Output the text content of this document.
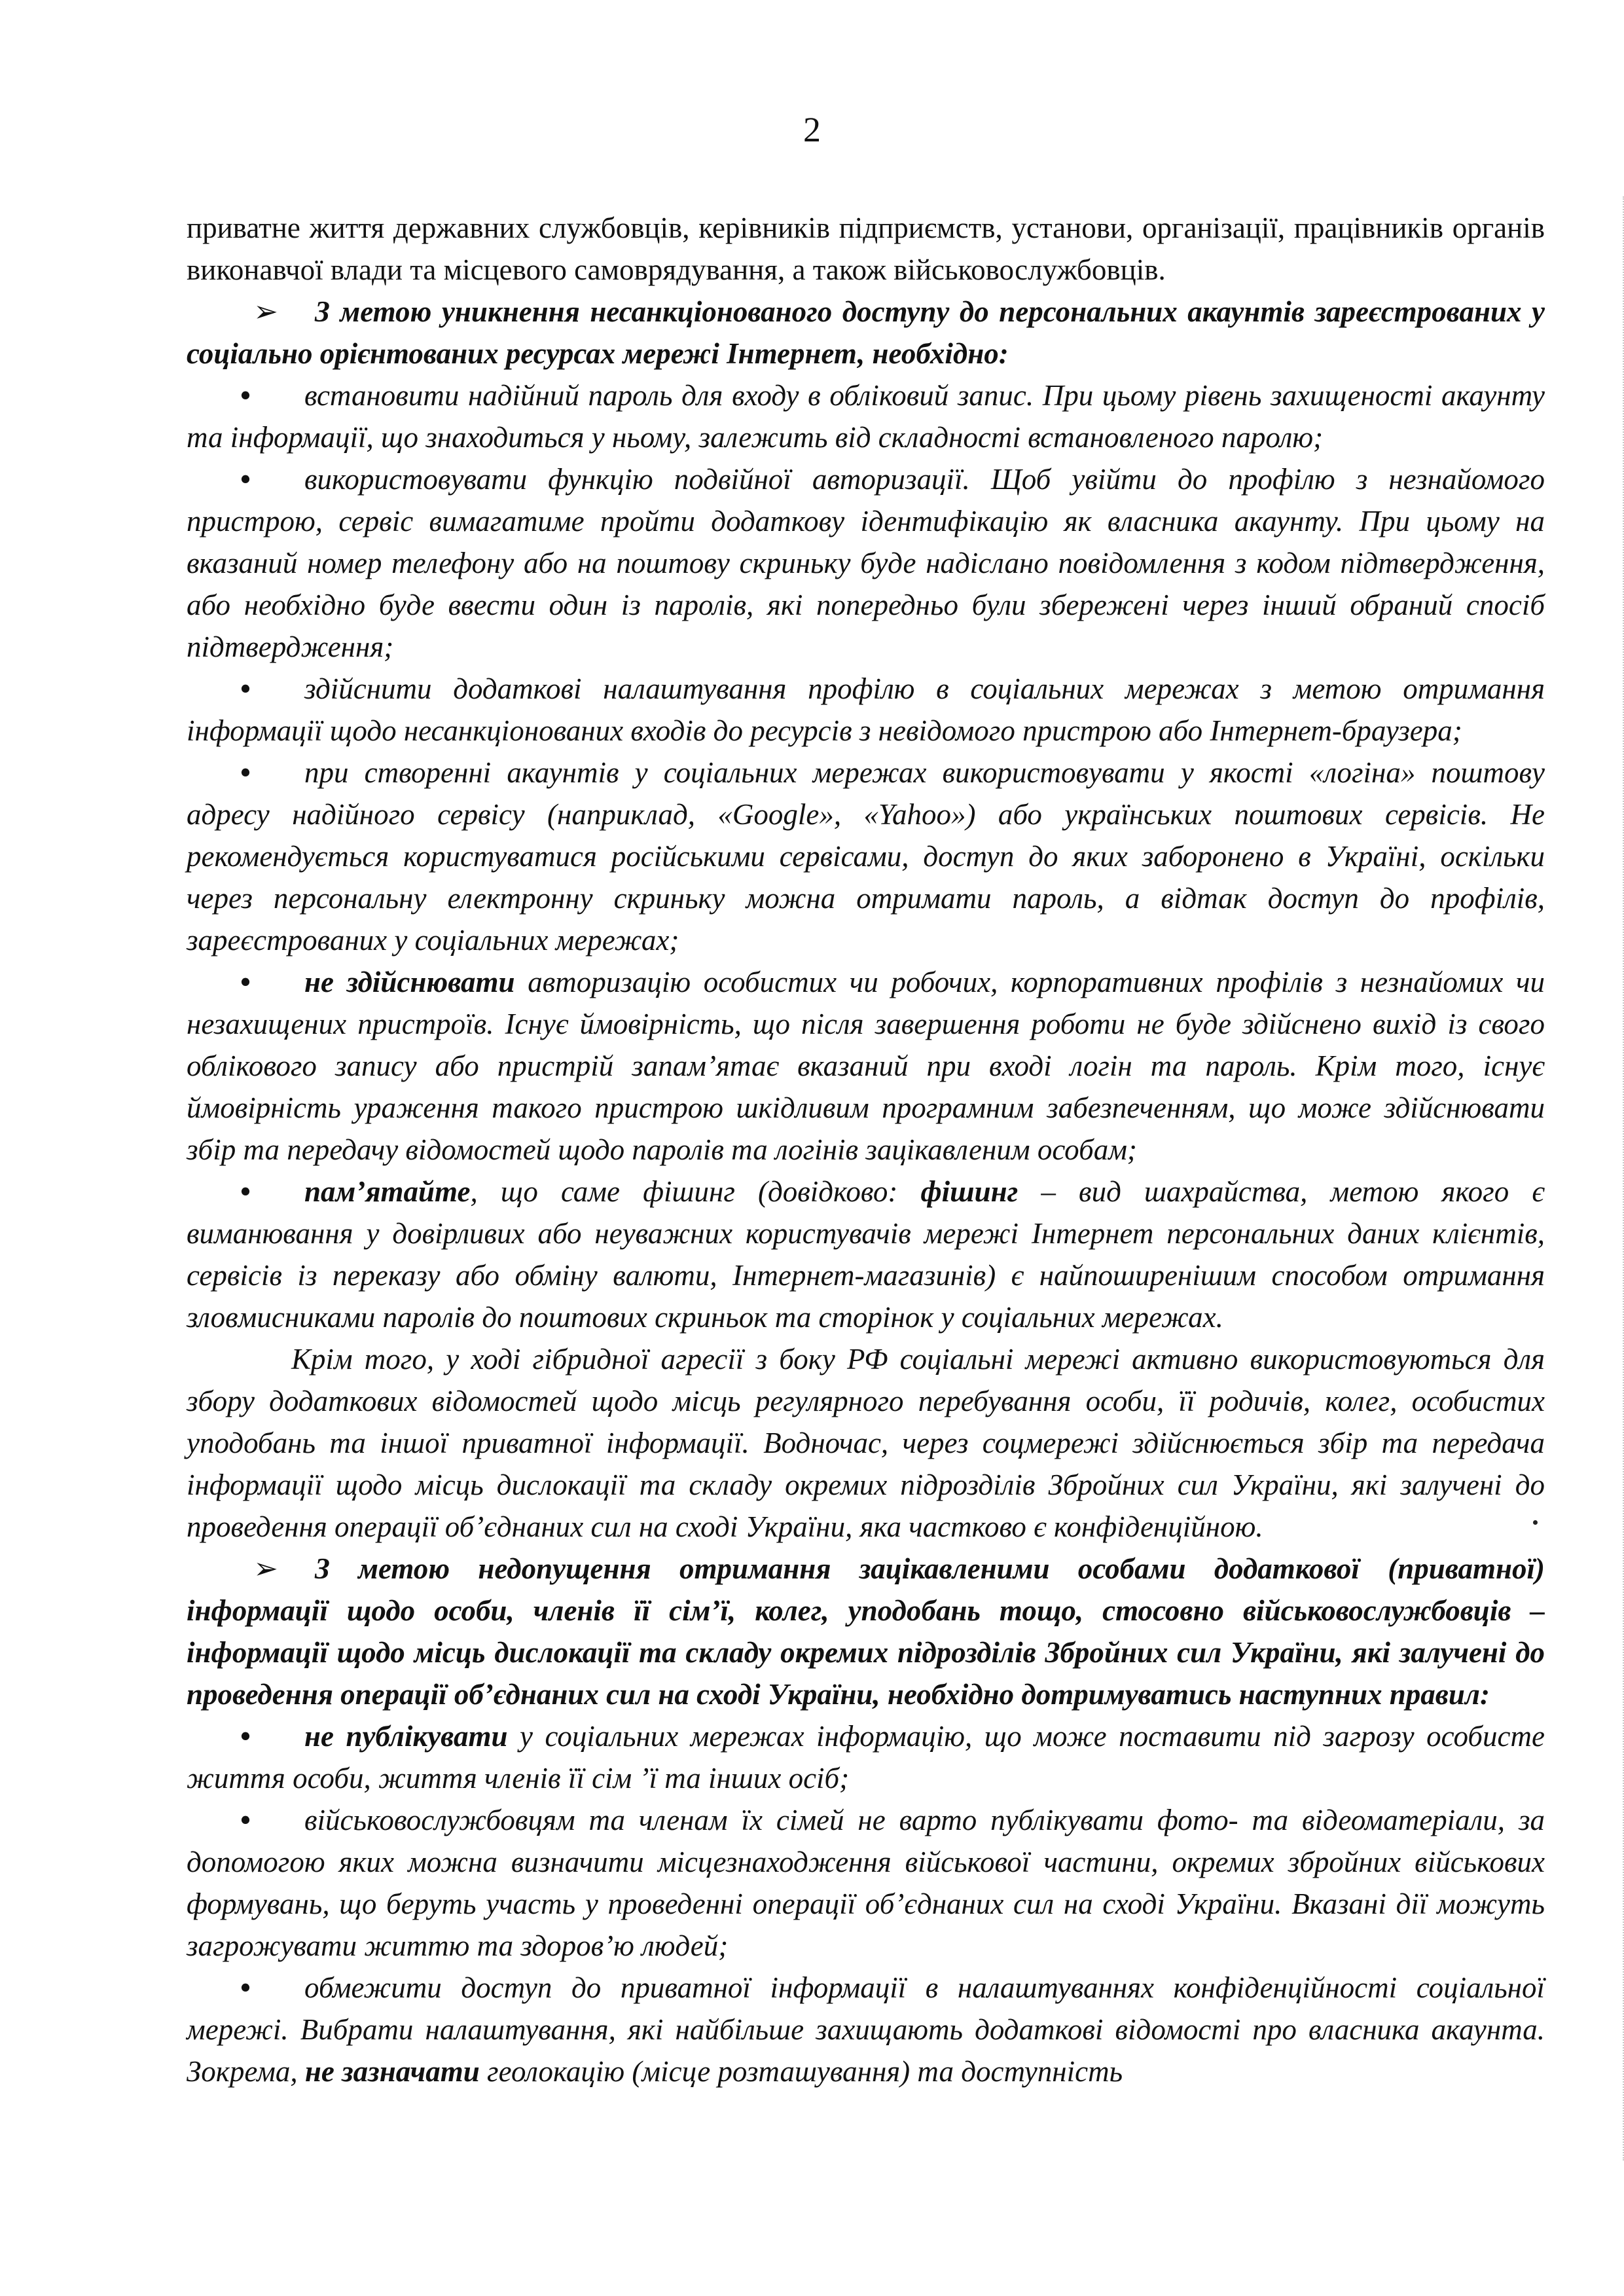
2

приватне життя державних службовців, керівників підприємств, установи, організації, працівників органів виконавчої влади та місцевого самоврядування, а також військовослужбовців.

➢ З метою уникнення несанкціонованого доступу до персональних акаунтів зареєстрованих у соціально орієнтованих ресурсах мережі Інтернет, необхідно:

• встановити надійний пароль для входу в обліковий запис. При цьому рівень захищеності акаунту та інформації, що знаходиться у ньому, залежить від складності встановленого паролю;

• використовувати функцію подвійної авторизації. Щоб увійти до профілю з незнайомого пристрою, сервіс вимагатиме пройти додаткову ідентифікацію як власника акаунту. При цьому на вказаний номер телефону або на поштову скриньку буде надіслано повідомлення з кодом підтвердження, або необхідно буде ввести один із паролів, які попередньо були збережені через інший обраний спосіб підтвердження;

• здійснити додаткові налаштування профілю в соціальних мережах з метою отримання інформації щодо несанкціонованих входів до ресурсів з невідомого пристрою або Інтернет-браузера;

• при створенні акаунтів у соціальних мережах використовувати у якості «логіна» поштову адресу надійного сервісу (наприклад, «Google», «Yahoo») або українських поштових сервісів. Не рекомендується користуватися російськими сервісами, доступ до яких заборонено в Україні, оскільки через персональну електронну скриньку можна отримати пароль, а відтак доступ до профілів, зареєстрованих у соціальних мережах;

• не здійснювати авторизацію особистих чи робочих, корпоративних профілів з незнайомих чи незахищених пристроїв. Існує ймовірність, що після завершення роботи не буде здійснено вихід із свого облікового запису або пристрій запам’ятає вказаний при вході логін та пароль. Крім того, існує ймовірність ураження такого пристрою шкідливим програмним забезпеченням, що може здійснювати збір та передачу відомостей щодо паролів та логінів зацікавленим особам;

• пам’ятайте, що саме фішинг (довідково: фішинг – вид шахрайства, метою якого є виманювання у довірливих або неуважних користувачів мережі Інтернет персональних даних клієнтів, сервісів із переказу або обміну валюти, Інтернет-магазинів) є найпоширенішим способом отримання зловмисниками паролів до поштових скриньок та сторінок у соціальних мережах.

Крім того, у ході гібридної агресії з боку РФ соціальні мережі активно використовуються для збору додаткових відомостей щодо місць регулярного перебування особи, її родичів, колег, особистих уподобань та іншої приватної інформації. Водночас, через соцмережі здійснюється збір та передача інформації щодо місць дислокації та складу окремих підрозділів Збройних сил України, які залучені до проведення операції об’єднаних сил на сході України, яка частково є конфіденційною.

➢ З метою недопущення отримання зацікавленими особами додаткової (приватної) інформації щодо особи, членів її сім’ї, колег, уподобань тощо, стосовно військовослужбовців – інформації щодо місць дислокації та складу окремих підрозділів Збройних сил України, які залучені до проведення операції об’єднаних сил на сході України, необхідно дотримуватись наступних правил:

• не публікувати у соціальних мережах інформацію, що може поставити під загрозу особисте життя особи, життя членів її сім ’ї та інших осіб;

• військовослужбовцям та членам їх сімей не варто публікувати фото- та відеоматеріали, за допомогою яких можна визначити місцезнаходження військової частини, окремих збройних військових формувань, що беруть участь у проведенні операції об’єднаних сил на сході України. Вказані дії можуть загрожувати життю та здоров’ю людей;

• обмежити доступ до приватної інформації в налаштуваннях конфіденційності соціальної мережі. Вибрати налаштування, які найбільше захищають додаткові відомості про власника акаунта. Зокрема, не зазначати геолокацію (місце розташування) та доступність
